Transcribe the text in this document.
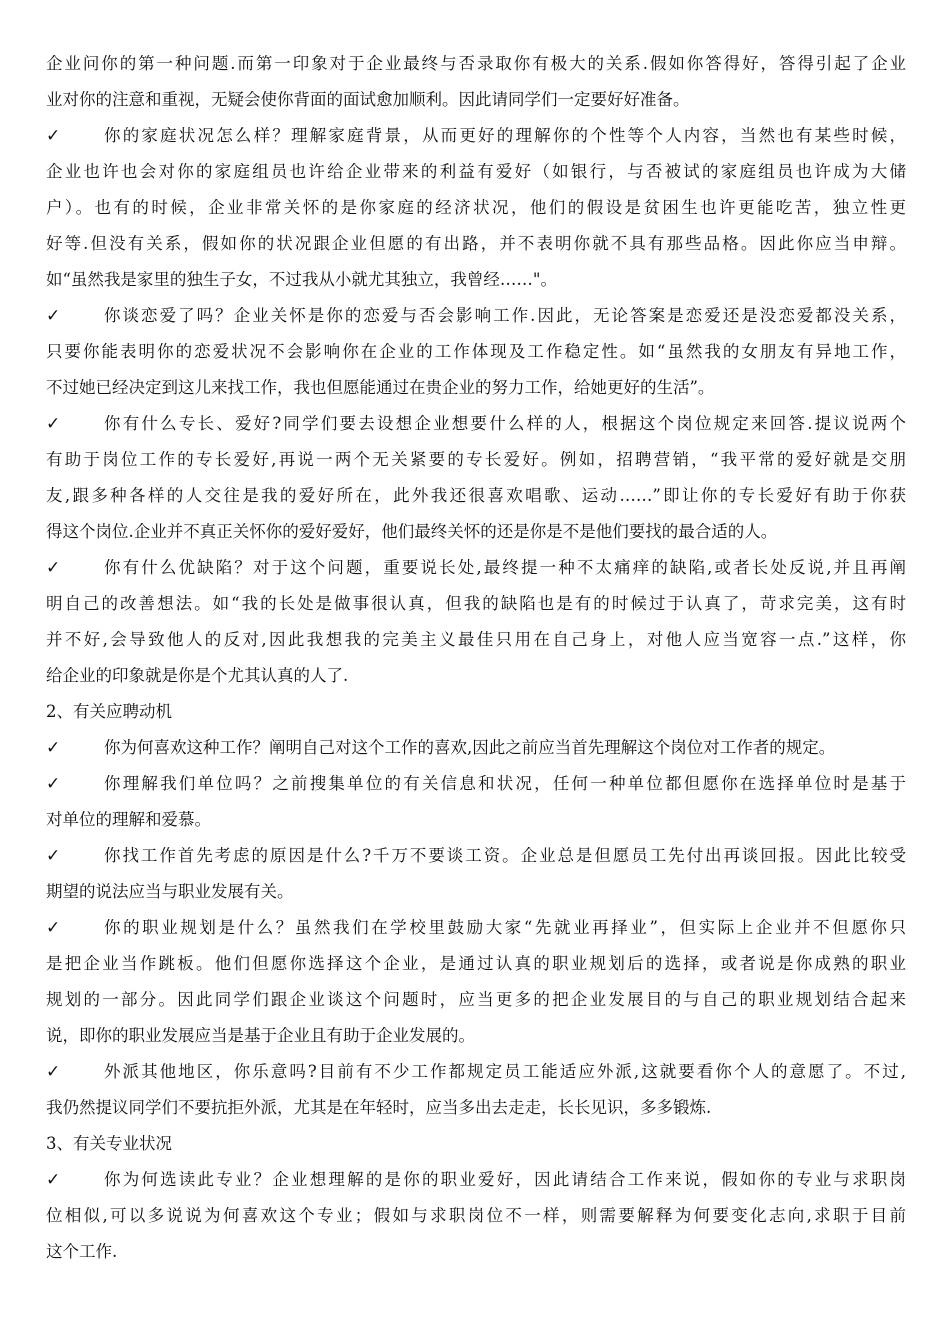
企业问你的第一种问题.而第一印象对于企业最终与否录取你有极大的关系.假如你答得好，答得引起了企业
业对你的注意和重视，无疑会使你背面的面试愈加顺利。因此请同学们一定要好好准备。
✓	你的家庭状况怎么样？理解家庭背景，从而更好的理解你的个性等个人内容，当然也有某些时候，
企业也许也会对你的家庭组员也许给企业带来的利益有爱好（如银行，与否被试的家庭组员也许成为大储
户）。也有的时候，企业非常关怀的是你家庭的经济状况，他们的假设是贫困生也许更能吃苦，独立性更
好等.但没有关系，假如你的状况跟企业但愿的有出路，并不表明你就不具有那些品格。因此你应当申辩。
如“虽然我是家里的独生子女，不过我从小就尤其独立，我曾经……"。
✓	你谈恋爱了吗？企业关怀是你的恋爱与否会影响工作.因此，无论答案是恋爱还是没恋爱都没关系，
只要你能表明你的恋爱状况不会影响你在企业的工作体现及工作稳定性。如“虽然我的女朋友有异地工作，
不过她已经决定到这儿来找工作，我也但愿能通过在贵企业的努力工作，给她更好的生活”。
✓	你有什么专长、爱好?同学们要去设想企业想要什么样的人，根据这个岗位规定来回答.提议说两个
有助于岗位工作的专长爱好,再说一两个无关紧要的专长爱好。例如，招聘营销，“我平常的爱好就是交朋
友,跟多种各样的人交往是我的爱好所在，此外我还很喜欢唱歌、运动……”即让你的专长爱好有助于你获
得这个岗位.企业并不真正关怀你的爱好爱好，他们最终关怀的还是你是不是他们要找的最合适的人。
✓	你有什么优缺陷？对于这个问题，重要说长处,最终提一种不太痛痒的缺陷,或者长处反说,并且再阐
明自己的改善想法。如“我的长处是做事很认真，但我的缺陷也是有的时候过于认真了，苛求完美，这有时
并不好,会导致他人的反对,因此我想我的完美主义最佳只用在自己身上，对他人应当宽容一点.”这样，你
给企业的印象就是你是个尤其认真的人了.
2、有关应聘动机
✓	你为何喜欢这种工作？阐明自己对这个工作的喜欢,因此之前应当首先理解这个岗位对工作者的规定。
✓	你理解我们单位吗？之前搜集单位的有关信息和状况，任何一种单位都但愿你在选择单位时是基于
对单位的理解和爱慕。
✓	你找工作首先考虑的原因是什么?千万不要谈工资。企业总是但愿员工先付出再谈回报。因此比较受
期望的说法应当与职业发展有关。
✓	你的职业规划是什么？虽然我们在学校里鼓励大家“先就业再择业”，但实际上企业并不但愿你只
是把企业当作跳板。他们但愿你选择这个企业，是通过认真的职业规划后的选择，或者说是你成熟的职业
规划的一部分。因此同学们跟企业谈这个问题时，应当更多的把企业发展目的与自己的职业规划结合起来
说，即你的职业发展应当是基于企业且有助于企业发展的。
✓	外派其他地区，你乐意吗?目前有不少工作都规定员工能适应外派,这就要看你个人的意愿了。不过,
我仍然提议同学们不要抗拒外派，尤其是在年轻时，应当多出去走走，长长见识，多多锻炼.
3、有关专业状况
✓	你为何选读此专业？企业想理解的是你的职业爱好，因此请结合工作来说，假如你的专业与求职岗
位相似,可以多说说为何喜欢这个专业；假如与求职岗位不一样，则需要解释为何要变化志向,求职于目前
这个工作.
